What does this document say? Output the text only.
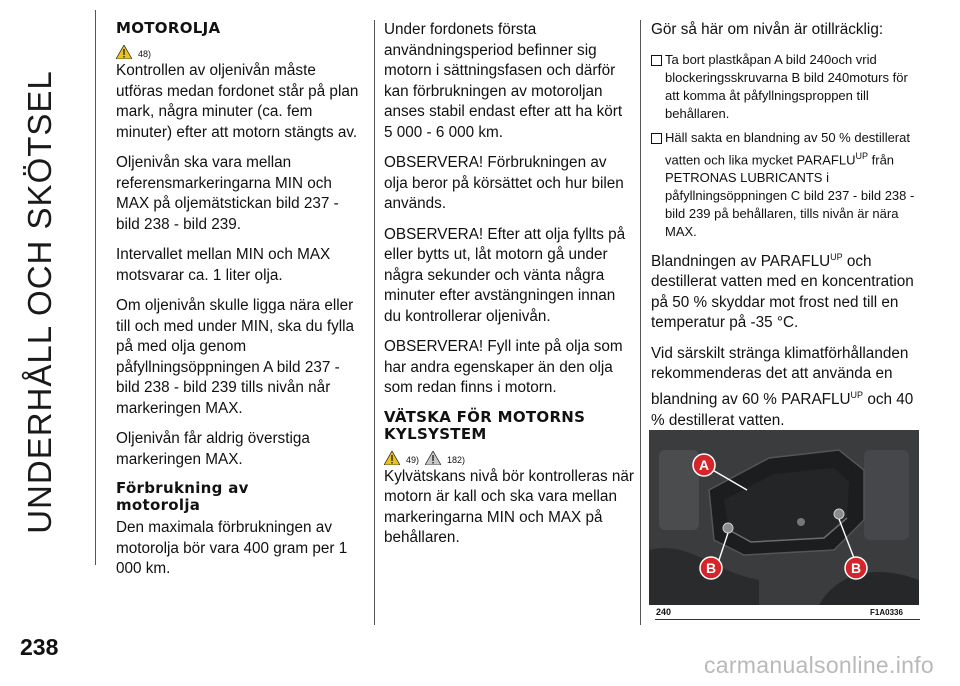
UNDERHÅLL OCH SKÖTSEL
238
MOTOROLJA
48)

Kontrollen av oljenivån måste utföras medan fordonet står på plan mark, några minuter (ca. fem minuter) efter att motorn stängts av.

Oljenivån ska vara mellan referensmarkeringarna MIN och MAX på oljemätstickan bild 237 - bild 238 - bild 239.

Intervallet mellan MIN och MAX motsvarar ca. 1 liter olja.

Om oljenivån skulle ligga nära eller till och med under MIN, ska du fylla på med olja genom påfyllningsöppningen A bild 237 - bild 238 - bild 239 tills nivån når markeringen MAX.

Oljenivån får aldrig överstiga markeringen MAX.

Förbrukning av motorolja

Den maximala förbrukningen av motorolja bör vara 400 gram per 1 000 km.

Under fordonets första användningsperiod befinner sig motorn i sättningsfasen och därför kan förbrukningen av motoroljan anses stabil endast efter att ha kört 5 000 - 6 000 km.

OBSERVERA! Förbrukningen av olja beror på körsättet och hur bilen används.

OBSERVERA! Efter att olja fyllts på eller bytts ut, låt motorn gå under några sekunder och vänta några minuter efter avstängningen innan du kontrollerar oljenivån.

OBSERVERA! Fyll inte på olja som har andra egenskaper än den olja som redan finns i motorn.

VÄTSKA FÖR MOTORNS KYLSYSTEM
49)	182)

Kylvätskans nivå bör kontrolleras när motorn är kall och ska vara mellan markeringarna MIN och MAX på behållaren.

Gör så här om nivån är otillräcklig:

Ta bort plastkåpan A bild 240och vrid blockeringsskruvarna B bild 240moturs för att komma åt påfyllningsproppen till behållaren.
Häll sakta en blandning av 50 % destillerat vatten och lika mycket $PARAFLU^{UP}$ från PETRONAS LUBRICANTS i påfyllningsöppningen C bild 237 - bild 238 - bild 239 på behållaren, tills nivån är nära MAX.

Blandningen av $PARAFLU^{UP}$ och destillerat vatten med en koncentration på 50 % skyddar mot frost ned till en temperatur på -35 °C.

Vid särskilt stränga klimatförhållanden rekommenderas det att använda en blandning av 60 % $PARAFLU^{UP}$ och 40 % destillerat vatten.

A
B	B
240	F1A0336
carmanualsonline.info
